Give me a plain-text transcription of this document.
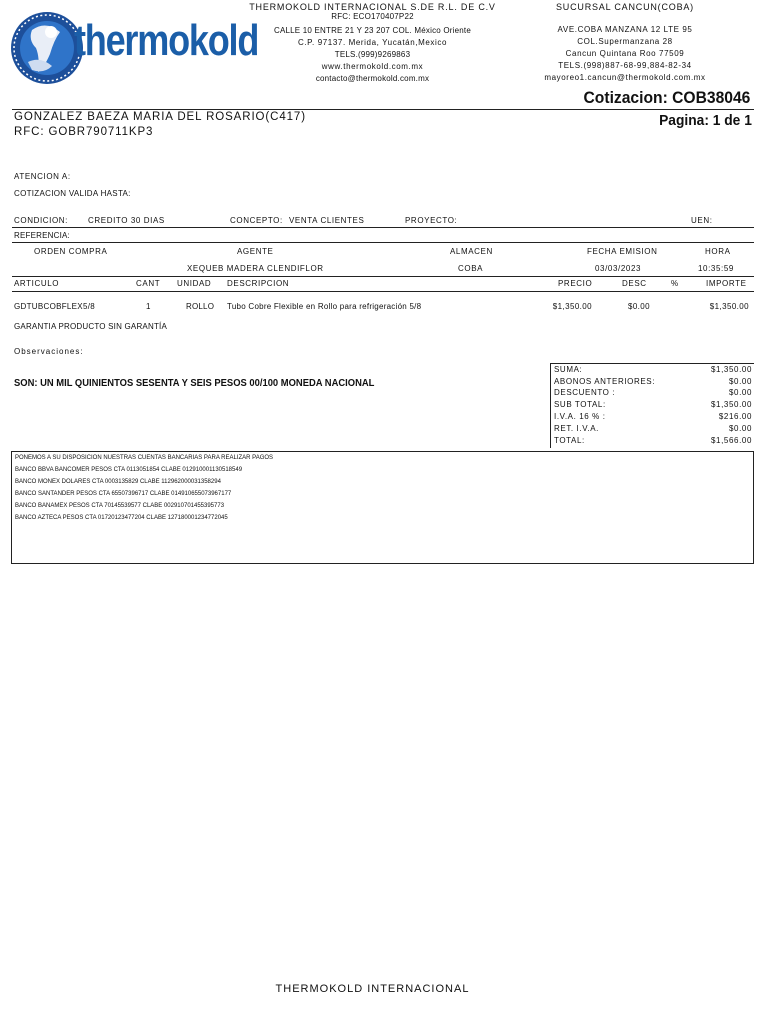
thermokold
THERMOKOLD INTERNACIONAL S.DE R.L. DE C.V
RFC: ECO170407P22
CALLE 10 ENTRE 21 Y 23 207 COL. México Oriente
C.P. 97137. Merida, Yucatán,Mexico
TELS.(999)9269863
www.thermokold.com.mx
contacto@thermokold.com.mx
SUCURSAL CANCUN(COBA)
AVE.COBA MANZANA 12 LTE 95
COL.Supermanzana 28
Cancun Quintana Roo 77509
TELS.(998)887-68-99,884-82-34
mayoreo1.cancun@thermokold.com.mx
Cotizacion: COB38046
Pagina: 1 de 1
GONZALEZ BAEZA MARIA DEL ROSARIO(C417)
RFC: GOBR790711KP3
ATENCION A:
COTIZACION VALIDA HASTA:
CONDICION:	CREDITO 30 DIAS	CONCEPTO: VENTA CLIENTES	PROYECTO:	UEN:
REFERENCIA:
ORDEN COMPRA	AGENTE	ALMACEN	FECHA EMISION	HORA
XEQUEB MADERA CLENDIFLOR	COBA	03/03/2023	10:35:59
ARTICULO	CANT UNIDAD DESCRIPCION	PRECIO	DESC	%	IMPORTE
GDTUBCOBFLEX5/8	1	ROLLO Tubo Cobre Flexible en Rollo para refrigeración 5/8	$1,350.00	$0.00	$1,350.00
GARANTIA PRODUCTO SIN GARANTÍA
Observaciones:
SON: UN MIL QUINIENTOS SESENTA Y SEIS PESOS 00/100 MONEDA NACIONAL
SUMA:	$1,350.00
ABONOS ANTERIORES:	$0.00
DESCUENTO :	$0.00
SUB TOTAL:	$1,350.00
I.V.A. 16 % :	$216.00
RET. I.V.A.	$0.00
TOTAL:	$1,566.00
PONEMOS A SU DISPOSICION NUESTRAS CUENTAS BANCARIAS PARA REALIZAR PAGOS
BANCO BBVA BANCOMER PESOS CTA 0113051854 CLABE 012910001130518549
BANCO MONEX DOLARES CTA 0003135829 CLABE 112962000031358294
BANCO SANTANDER PESOS CTA 65507396717 CLABE 014910655073967177
BANCO BANAMEX PESOS CTA 70145539577 CLABE 002910701455395773
BANCO AZTECA PESOS CTA 01720123477204 CLABE 127180001234772045
THERMOKOLD INTERNACIONAL
